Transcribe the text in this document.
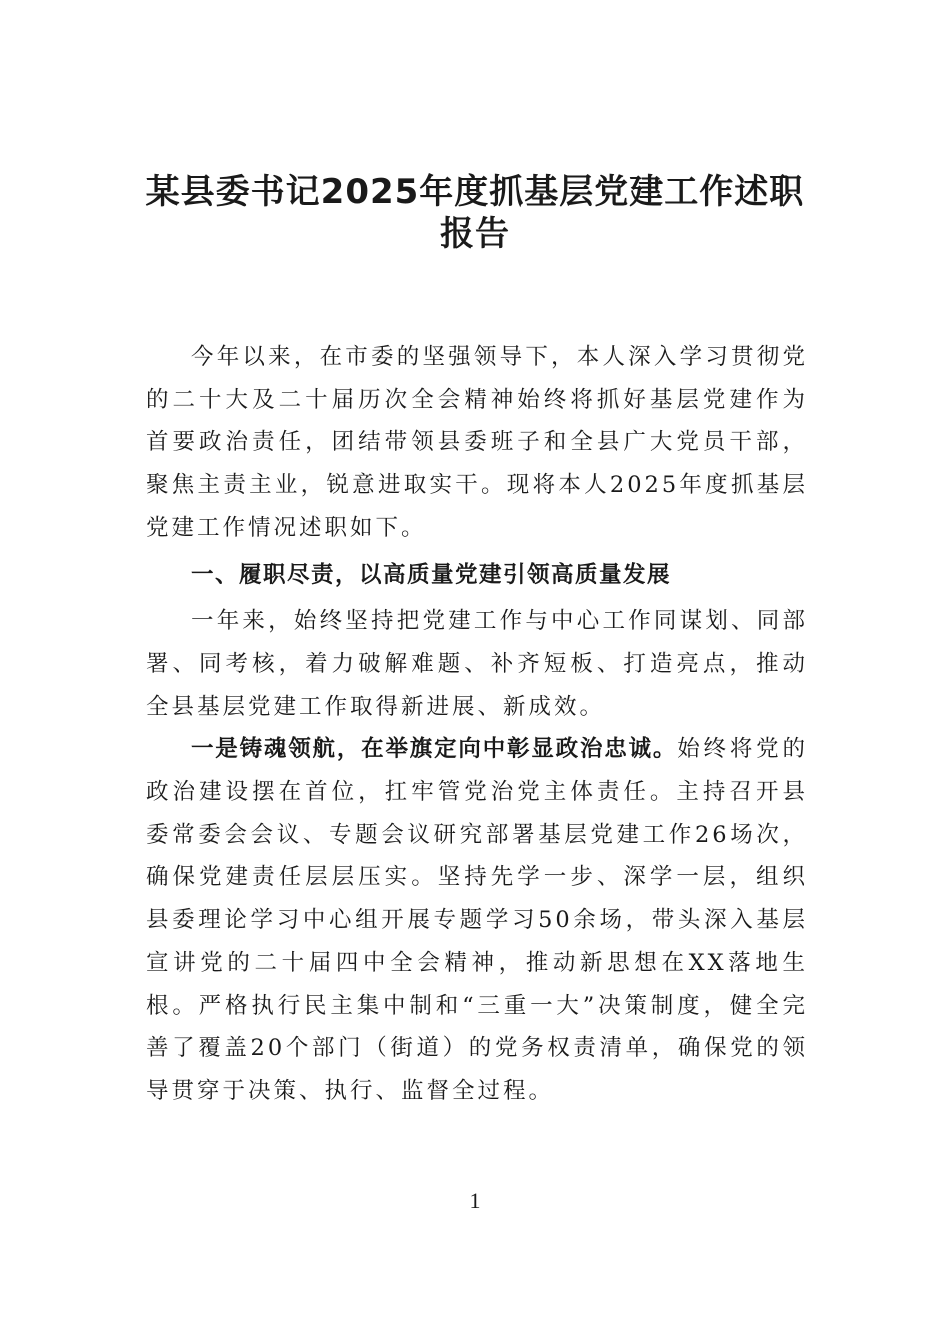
某县委书记2025年度抓基层党建工作述职
报告

今年以来，在市委的坚强领导下，本人深入学习贯彻党的二十大及二十届历次全会精神始终将抓好基层党建作为首要政治责任，团结带领县委班子和全县广大党员干部，聚焦主责主业，锐意进取实干。现将本人2025年度抓基层党建工作情况述职如下。

一、履职尽责，以高质量党建引领高质量发展

一年来，始终坚持把党建工作与中心工作同谋划、同部署、同考核，着力破解难题、补齐短板、打造亮点，推动全县基层党建工作取得新进展、新成效。

一是铸魂领航，在举旗定向中彰显政治忠诚。始终将党的政治建设摆在首位，扛牢管党治党主体责任。主持召开县委常委会会议、专题会议研究部署基层党建工作26场次，确保党建责任层层压实。坚持先学一步、深学一层，组织县委理论学习中心组开展专题学习50余场，带头深入基层宣讲党的二十届四中全会精神，推动新思想在XX落地生根。严格执行民主集中制和“三重一大”决策制度，健全完善了覆盖20个部门（街道）的党务权责清单，确保党的领导贯穿于决策、执行、监督全过程。

1
